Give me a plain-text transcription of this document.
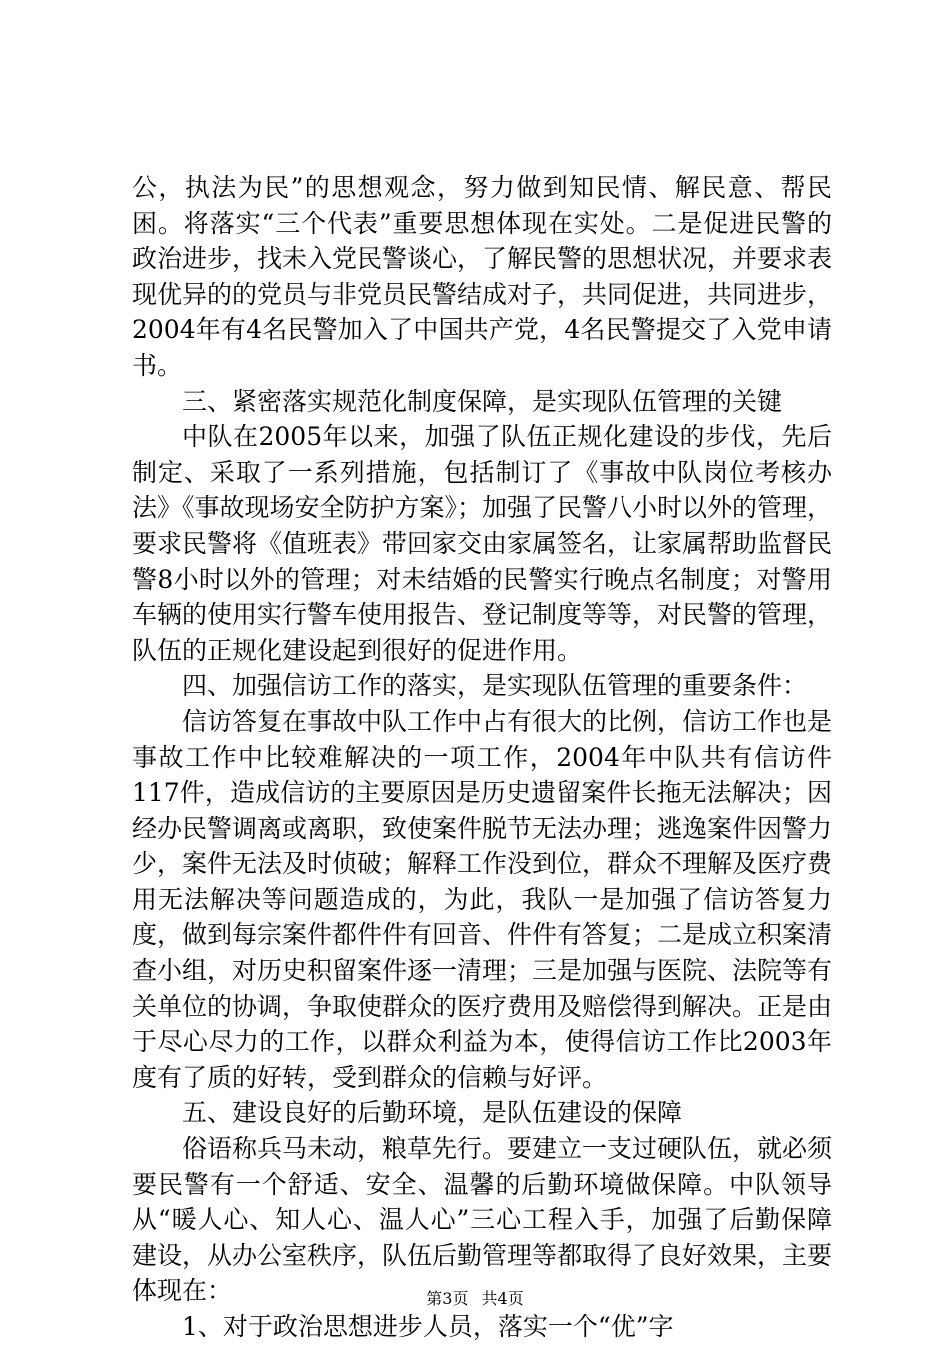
公，执法为民”的思想观念，努力做到知民情、解民意、帮民困。将落实“三个代表”重要思想体现在实处。二是促进民警的政治进步，找未入党民警谈心，了解民警的思想状况，并要求表现优异的的党员与非党员民警结成对子，共同促进，共同进步，2004年有4名民警加入了中国共产党，4名民警提交了入党申请书。

三、紧密落实规范化制度保障，是实现队伍管理的关键

中队在2005年以来，加强了队伍正规化建设的步伐，先后制定、采取了一系列措施，包括制订了《事故中队岗位考核办法》《事故现场安全防护方案》；加强了民警八小时以外的管理，要求民警将《值班表》带回家交由家属签名，让家属帮助监督民警8小时以外的管理；对未结婚的民警实行晚点名制度；对警用车辆的使用实行警车使用报告、登记制度等等，对民警的管理，队伍的正规化建设起到很好的促进作用。

四、加强信访工作的落实，是实现队伍管理的重要条件：

信访答复在事故中队工作中占有很大的比例，信访工作也是事故工作中比较难解决的一项工作，2004年中队共有信访件117件，造成信访的主要原因是历史遗留案件长拖无法解决；因经办民警调离或离职，致使案件脱节无法办理；逃逸案件因警力少，案件无法及时侦破；解释工作没到位，群众不理解及医疗费用无法解决等问题造成的，为此，我队一是加强了信访答复力度，做到每宗案件都件件有回音、件件有答复；二是成立积案清查小组，对历史积留案件逐一清理；三是加强与医院、法院等有关单位的协调，争取使群众的医疗费用及赔偿得到解决。正是由于尽心尽力的工作，以群众利益为本，使得信访工作比2003年度有了质的好转，受到群众的信赖与好评。

五、建设良好的后勤环境，是队伍建设的保障

俗语称兵马未动，粮草先行。要建立一支过硬队伍，就必须要民警有一个舒适、安全、温馨的后勤环境做保障。中队领导从“暖人心、知人心、温人心”三心工程入手，加强了后勤保障建设，从办公室秩序，队伍后勤管理等都取得了良好效果，主要体现在：

1、对于政治思想进步人员，落实一个“优”字

第3页 共4页
